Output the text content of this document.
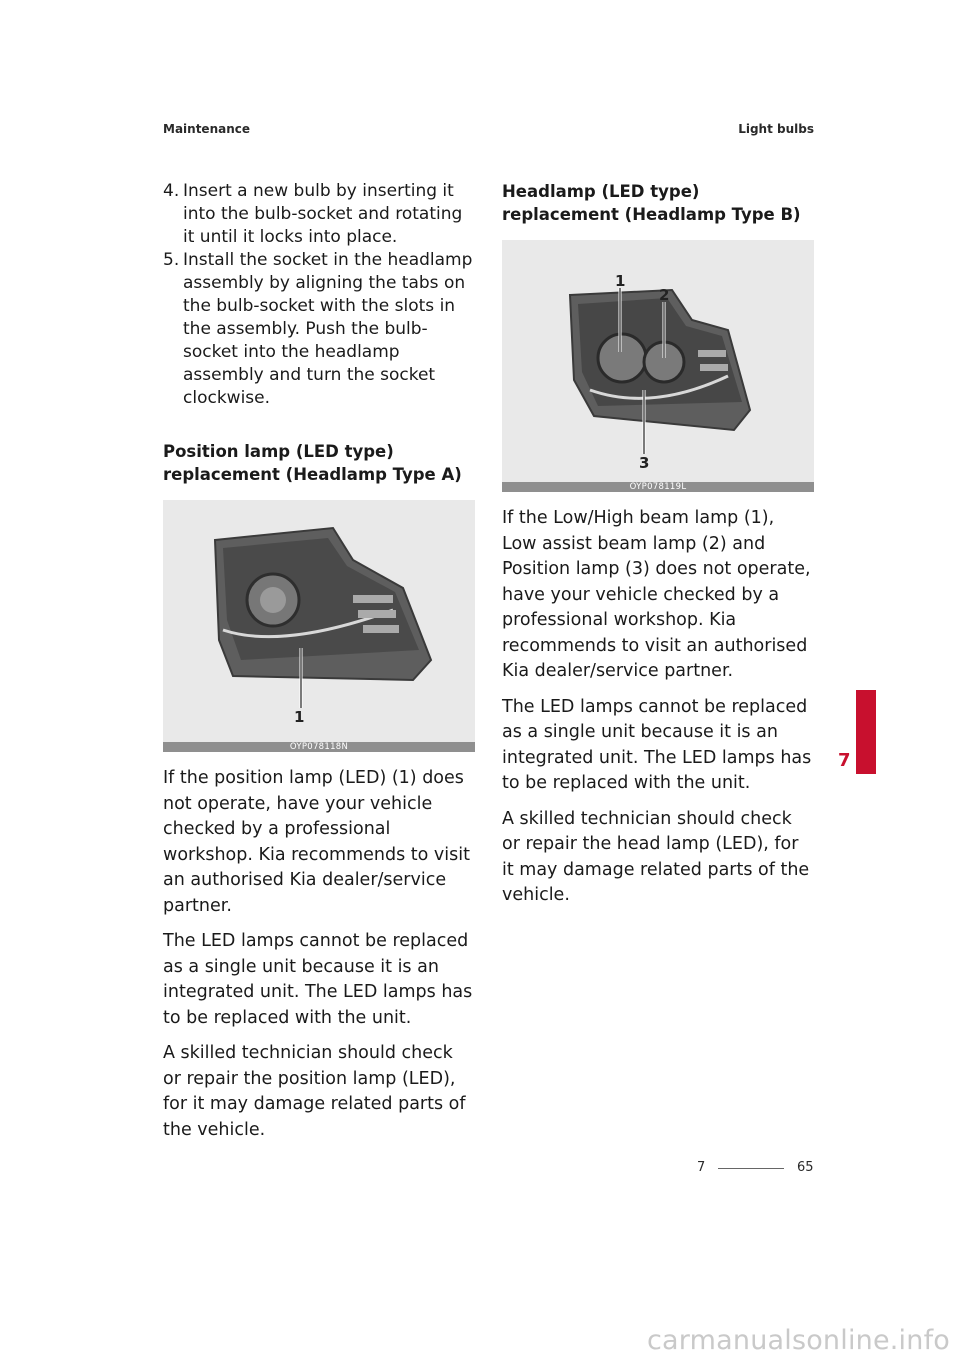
Maintenance	Light bulbs
4. Insert a new bulb by inserting it into the bulb-socket and rotating it until it locks into place.
5. Install the socket in the headlamp assembly by aligning the tabs on the bulb-socket with the slots in the assembly. Push the bulb-socket into the headlamp assembly and turn the socket clockwise.
Position lamp (LED type) replacement (Headlamp Type A)
1
OYP078118N

If the position lamp (LED) (1) does not operate, have your vehicle checked by a professional workshop. Kia recommends to visit an authorised Kia dealer/service partner.

The LED lamps cannot be replaced as a single unit because it is an integrated unit. The LED lamps has to be replaced with the unit.

A skilled technician should check or repair the position lamp (LED), for it may damage related parts of the vehicle.

Headlamp (LED type) replacement (Headlamp Type B)
1
2
3
OYP078119L

If the Low/High beam lamp (1), Low assist beam lamp (2) and Position lamp (3) does not operate, have your vehicle checked by a professional workshop. Kia recommends to visit an authorised Kia dealer/service partner.

The LED lamps cannot be replaced as a single unit because it is an integrated unit. The LED lamps has to be replaced with the unit.

A skilled technician should check or repair the head lamp (LED), for it may damage related parts of the vehicle.

7
7	65
carmanualsonline.info
